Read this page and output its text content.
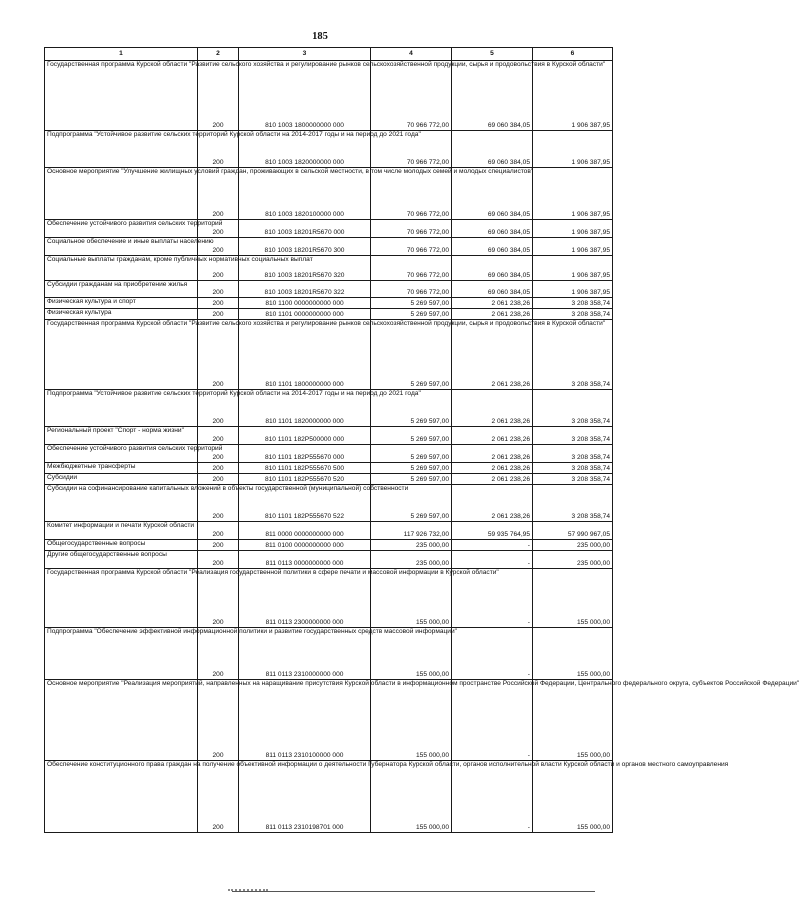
185
1	2	3	4	5	6
Государственная программа Курской области "Развитие сельского хозяйства и регулирование рынков сельскохозяйственной продукции, сырья и продовольствия в Курской области"	200	810 1003 1800000000 000	70 966 772,00	69 060 384,05	1 906 387,95
Подпрограмма "Устойчивое развитие сельских территорий Курской области на 2014-2017 годы и на период до 2021 года"	200	810 1003 1820000000 000	70 966 772,00	69 060 384,05	1 906 387,95
Основное мероприятие "Улучшение жилищных условий граждан, проживающих в сельской местности, в том числе молодых семей и молодых специалистов"	200	810 1003 1820100000 000	70 966 772,00	69 060 384,05	1 906 387,95
Обеспечение устойчивого развития сельских территорий	200	810 1003 18201R5670 000	70 966 772,00	69 060 384,05	1 906 387,95
Социальное обеспечение и иные выплаты населению	200	810 1003 18201R5670 300	70 966 772,00	69 060 384,05	1 906 387,95
Социальные выплаты гражданам, кроме публичных нормативных социальных выплат	200	810 1003 18201R5670 320	70 966 772,00	69 060 384,05	1 906 387,95
Субсидии гражданам на приобретение жилья	200	810 1003 18201R5670 322	70 966 772,00	69 060 384,05	1 906 387,95
Физическая культура и спорт	200	810 1100 0000000000 000	5 269 597,00	2 061 238,26	3 208 358,74
Физическая культура	200	810 1101 0000000000 000	5 269 597,00	2 061 238,26	3 208 358,74
Государственная программа Курской области "Развитие сельского хозяйства и регулирование рынков сельскохозяйственной продукции, сырья и продовольствия в Курской области"	200	810 1101 1800000000 000	5 269 597,00	2 061 238,26	3 208 358,74
Подпрограмма "Устойчивое развитие сельских территорий Курской области на 2014-2017 годы и на период до 2021 года"	200	810 1101 1820000000 000	5 269 597,00	2 061 238,26	3 208 358,74
Региональный проект "Спорт - норма жизни"	200	810 1101 182P500000 000	5 269 597,00	2 061 238,26	3 208 358,74
Обеспечение устойчивого развития сельских территорий	200	810 1101 182P555670 000	5 269 597,00	2 061 238,26	3 208 358,74
Межбюджетные трансферты	200	810 1101 182P555670 500	5 269 597,00	2 061 238,26	3 208 358,74
Субсидии	200	810 1101 182P555670 520	5 269 597,00	2 061 238,26	3 208 358,74
Субсидии на софинансирование капитальных вложений в объекты государственной (муниципальной) собственности	200	810 1101 182P555670 522	5 269 597,00	2 061 238,26	3 208 358,74
Комитет информации и печати Курской области	200	811 0000 0000000000 000	117 926 732,00	59 935 764,95	57 990 967,05
Общегосударственные вопросы	200	811 0100 0000000000 000	235 000,00	-	235 000,00
Другие общегосударственные вопросы	200	811 0113 0000000000 000	235 000,00	-	235 000,00
Государственная программа Курской области "Реализация государственной политики в сфере печати и массовой информации в Курской области"	200	811 0113 2300000000 000	155 000,00	-	155 000,00
Подпрограмма "Обеспечение эффективной информационной политики и развитие государственных средств массовой информации"	200	811 0113 2310000000 000	155 000,00	-	155 000,00
Основное мероприятие "Реализация мероприятий, направленных на наращивание присутствия Курской области в информационном пространстве Российской Федерации, Центрального федерального округа, субъектов Российской Федерации"	200	811 0113 2310100000 000	155 000,00	-	155 000,00
Обеспечение конституционного права граждан на получение объективной информации о деятельности Губернатора Курской области, органов исполнительной власти Курской области и органов местного самоуправления	200	811 0113 2310198701 000	155 000,00	-	155 000,00
